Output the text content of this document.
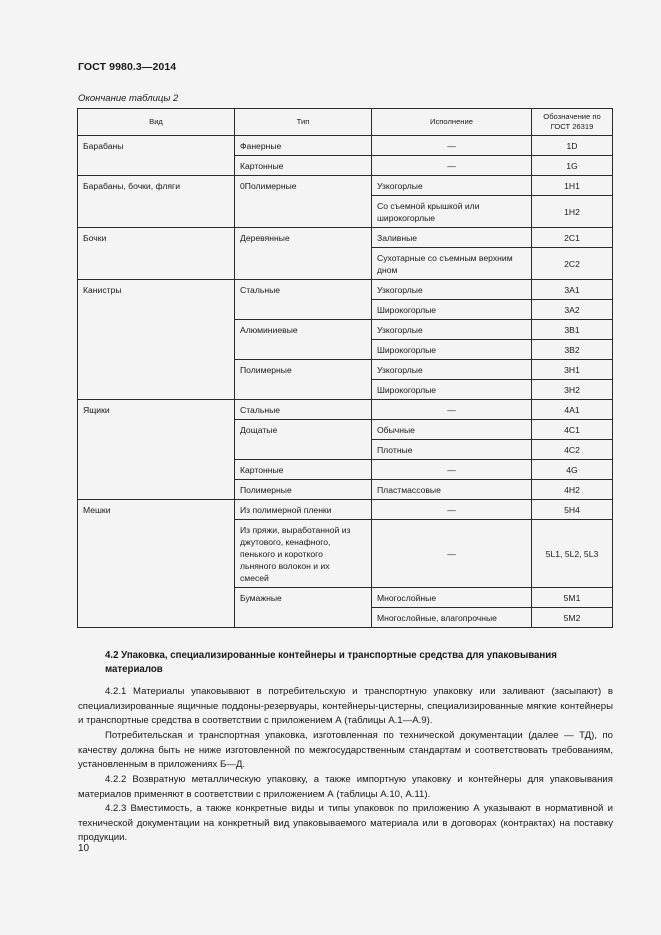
ГОСТ 9980.3—2014
Окончание таблицы 2
Вид	Тип	Исполнение	Обозначение по ГОСТ 26319
Барабаны	Фанерные	—	1D
	Картонные	—	1G
Барабаны, бочки, фляги	0Полимерные	Узкогорлые	1H1
		Со съемной крышкой или широкогорлые	1H2
Бочки	Деревянные	Заливные	2C1
		Сухотарные со съемным верхним дном	2C2
Канистры	Стальные	Узкогорлые	3A1
		Широкогорлые	3A2
	Алюминиевые	Узкогорлые	3B1
		Широкогорлые	3B2
	Полимерные	Узкогорлые	3H1
		Широкогорлые	3H2
Ящики	Стальные	—	4A1
	Дощатые	Обычные	4C1
		Плотные	4C2
	Картонные	—	4G
	Полимерные	Пластмассовые	4H2
Мешки	Из полимерной пленки	—	5H4
	Из пряжи, выработанной из джутового, кенафного, пенького и короткого льняного волокон и их смесей	—	5L1, 5L2, 5L3
	Бумажные	Многослойные	5M1
		Многослойные, влагопрочные	5M2
4.2 Упаковка, специализированные контейнеры и транспортные средства для упаковывания материалов
4.2.1 Материалы упаковывают в потребительскую и транспортную упаковку или заливают (засыпают) в специализированные ящичные поддоны-резервуары, контейнеры-цистерны, специализированные мягкие контейнеры и транспортные средства в соответствии с приложением А (таблицы А.1—А.9).
Потребительская и транспортная упаковка, изготовленная по технической документации (далее — ТД), по качеству должна быть не ниже изготовленной по межгосударственным стандартам и соответствовать требованиям, установленным в приложениях Б—Д.
4.2.2 Возвратную металлическую упаковку, а также импортную упаковку и контейнеры для упаковывания материалов применяют в соответствии с приложением А (таблицы А.10, А.11).
4.2.3 Вместимость, а также конкретные виды и типы упаковок по приложению А указывают в нормативной и технической документации на конкретный вид упаковываемого материала или в договорах (контрактах) на поставку продукции.
10
